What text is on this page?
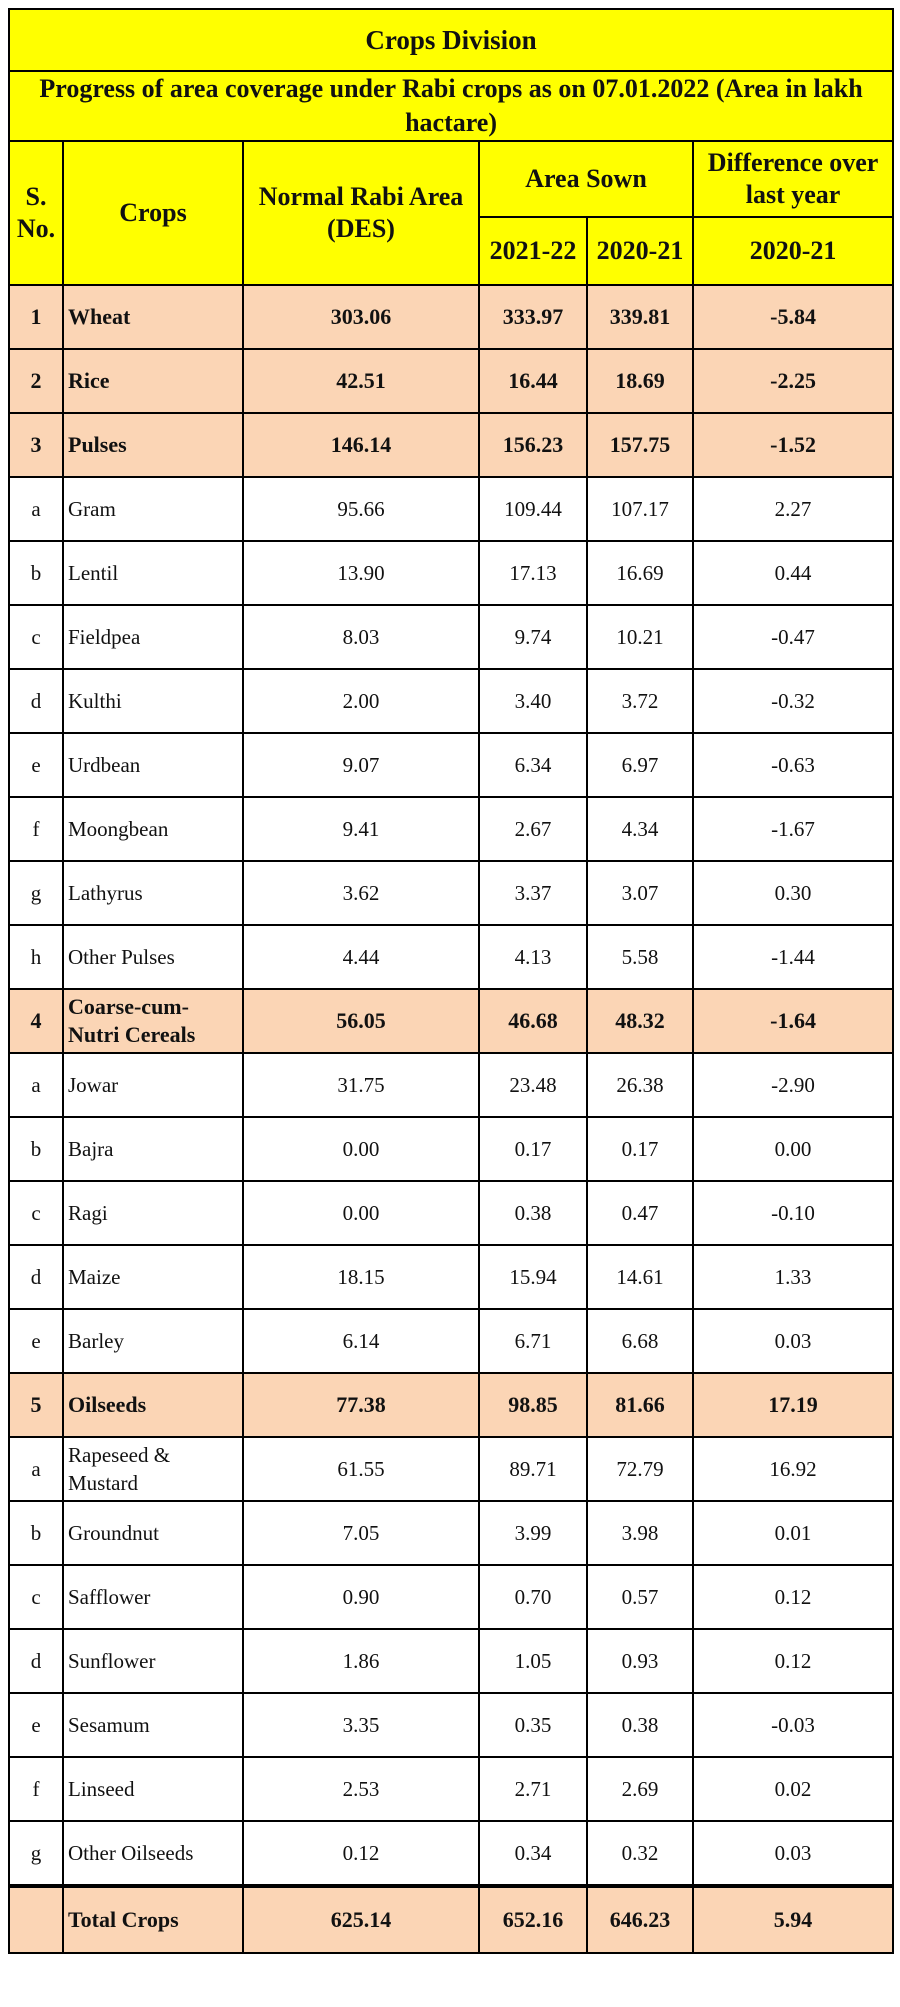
Crops Division					
Progress of area coverage under Rabi crops as on 07.01.2022 (Area in lakh hactare)					
S. No.	Crops	Normal Rabi Area (DES)	Area Sown		Difference over last year
			2021-22	2020-21	2020-21
1	Wheat	303.06	333.97	339.81	-5.84
2	Rice	42.51	16.44	18.69	-2.25
3	Pulses	146.14	156.23	157.75	-1.52
a	Gram	95.66	109.44	107.17	2.27
b	Lentil	13.90	17.13	16.69	0.44
c	Fieldpea	8.03	9.74	10.21	-0.47
d	Kulthi	2.00	3.40	3.72	-0.32
e	Urdbean	9.07	6.34	6.97	-0.63
f	Moongbean	9.41	2.67	4.34	-1.67
g	Lathyrus	3.62	3.37	3.07	0.30
h	Other Pulses	4.44	4.13	5.58	-1.44
4	Coarse-cum-Nutri Cereals	56.05	46.68	48.32	-1.64
a	Jowar	31.75	23.48	26.38	-2.90
b	Bajra	0.00	0.17	0.17	0.00
c	Ragi	0.00	0.38	0.47	-0.10
d	Maize	18.15	15.94	14.61	1.33
e	Barley	6.14	6.71	6.68	0.03
5	Oilseeds	77.38	98.85	81.66	17.19
a	Rapeseed & Mustard	61.55	89.71	72.79	16.92
b	Groundnut	7.05	3.99	3.98	0.01
c	Safflower	0.90	0.70	0.57	0.12
d	Sunflower	1.86	1.05	0.93	0.12
e	Sesamum	3.35	0.35	0.38	-0.03
f	Linseed	2.53	2.71	2.69	0.02
g	Other Oilseeds	0.12	0.34	0.32	0.03
	Total Crops	625.14	652.16	646.23	5.94
